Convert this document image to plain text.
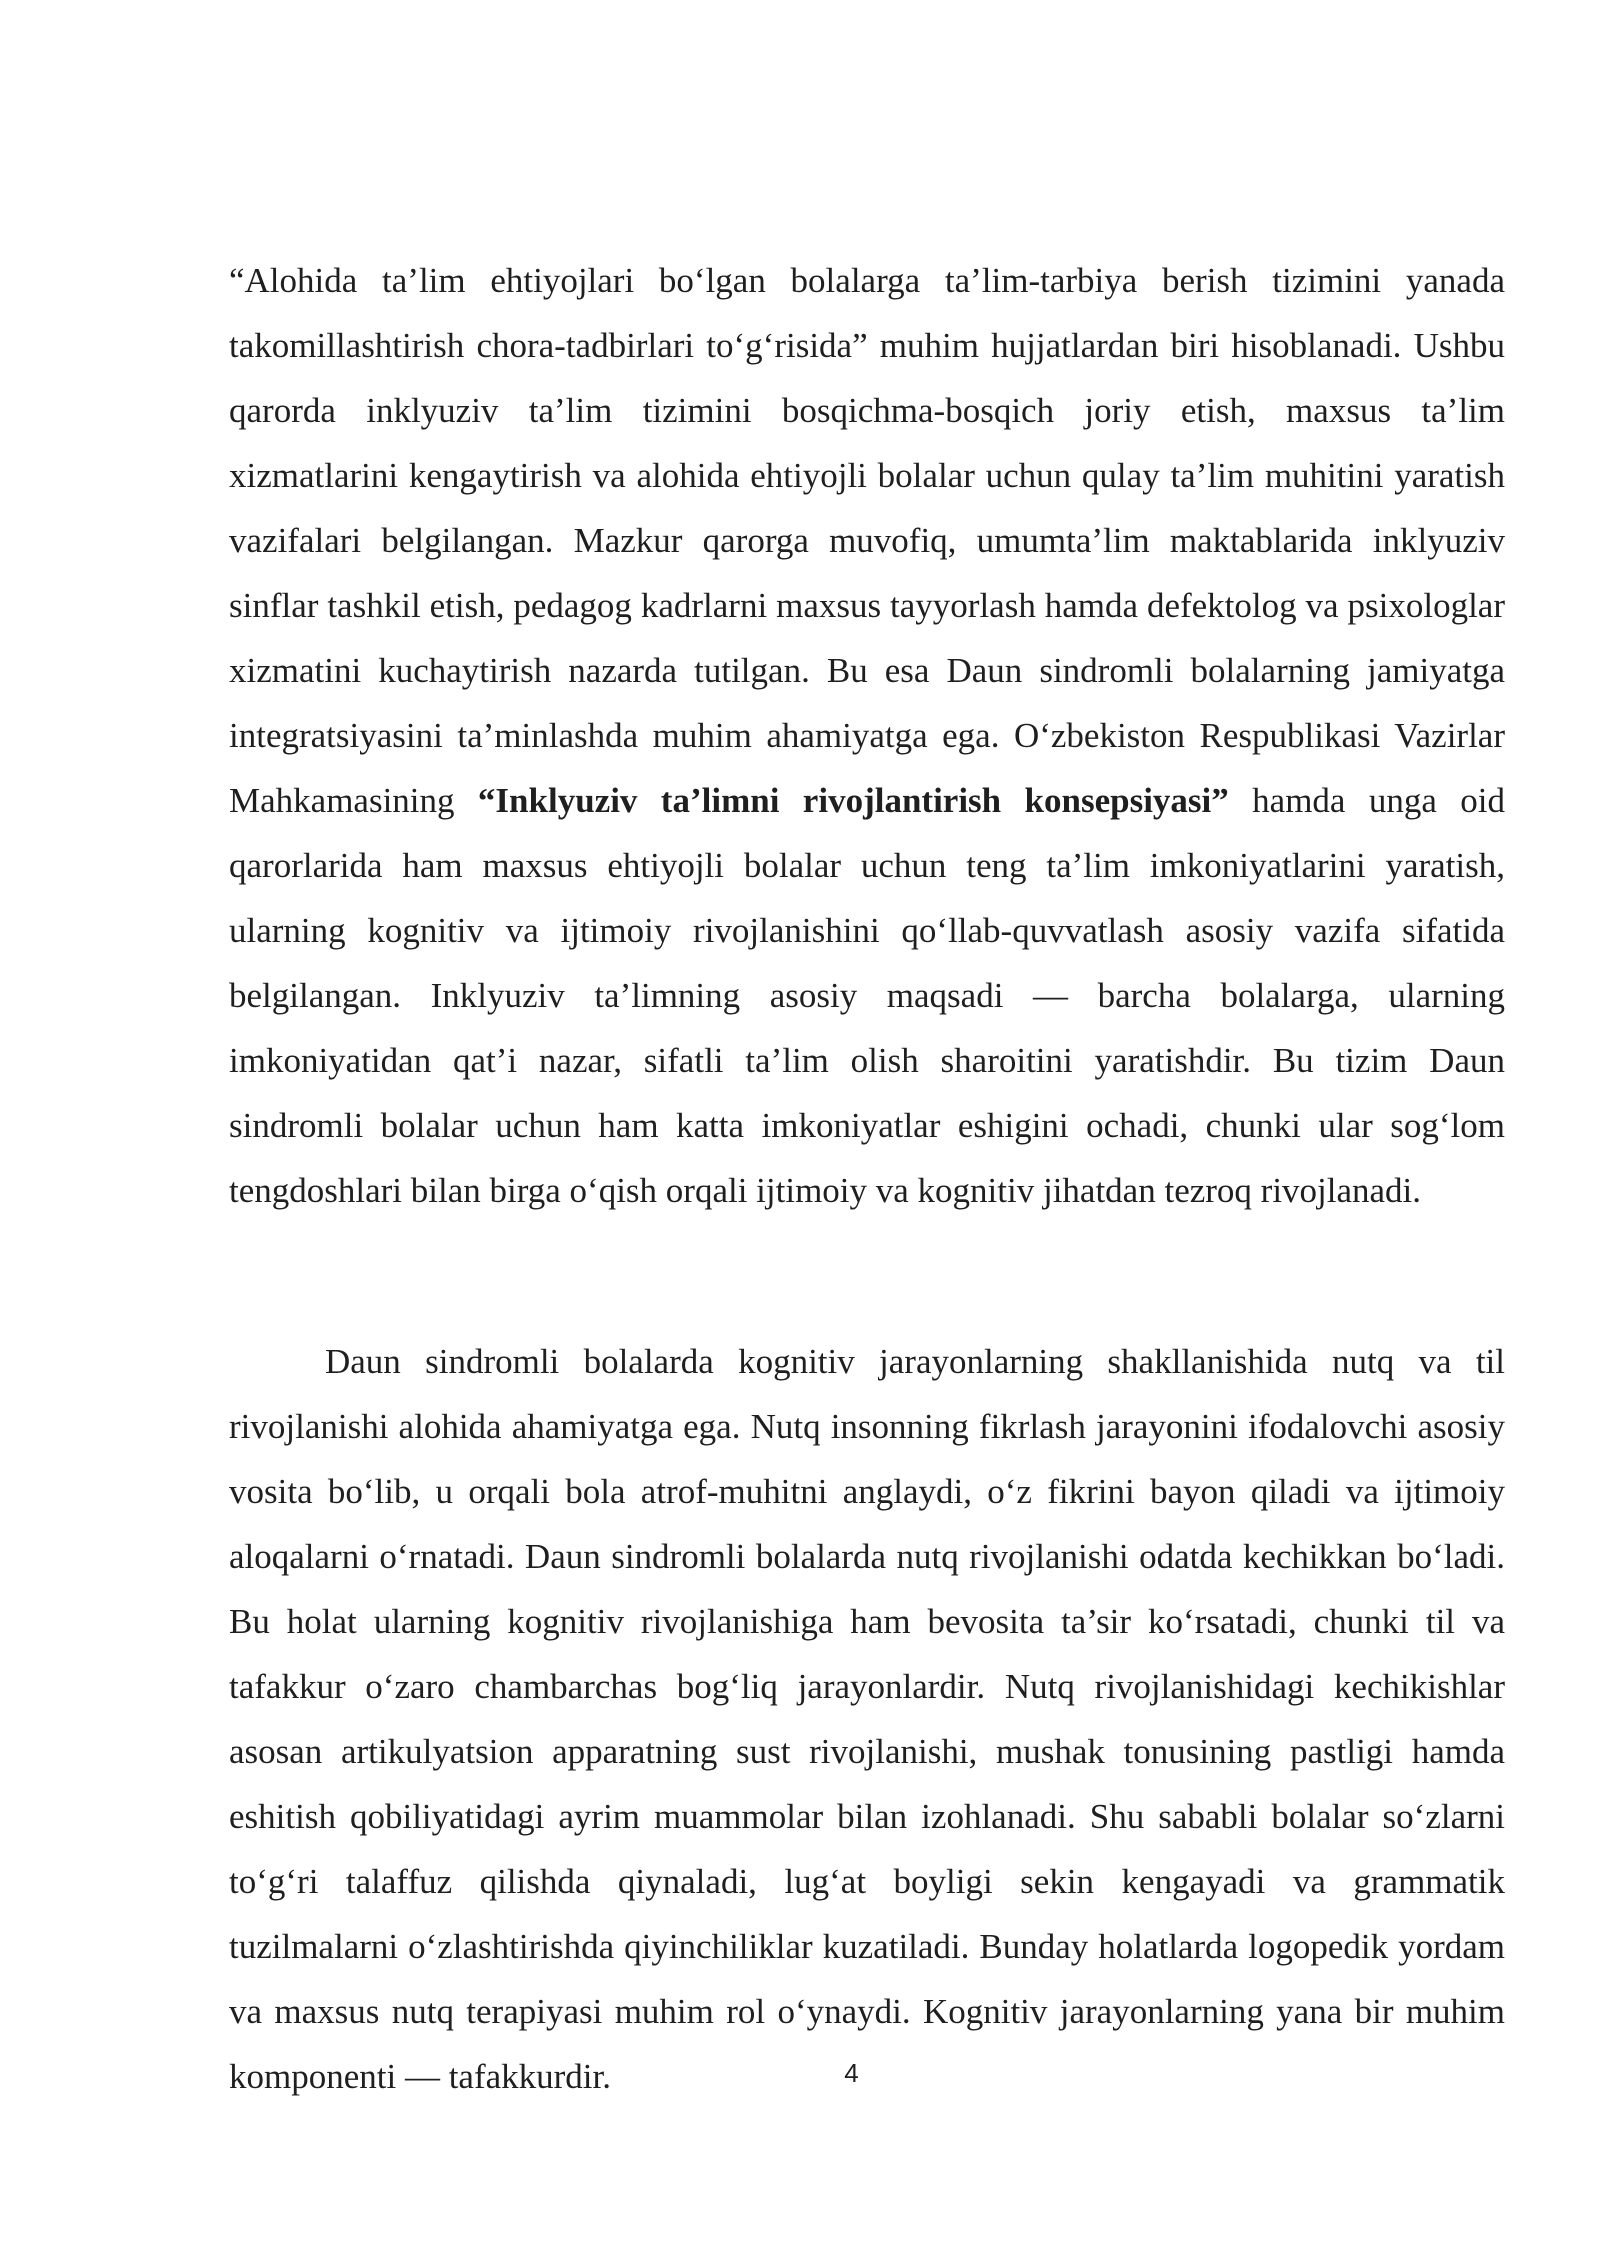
“Alohida ta’lim ehtiyojlari bo‘lgan bolalarga ta’lim-tarbiya berish tizimini yanada takomillashtirish chora-tadbirlari to‘g‘risida” muhim hujjatlardan biri hisoblanadi. Ushbu qarorda inklyuziv ta’lim tizimini bosqichma-bosqich joriy etish, maxsus ta’lim xizmatlarini kengaytirish va alohida ehtiyojli bolalar uchun qulay ta’lim muhitini yaratish vazifalari belgilangan. Mazkur qarorga muvofiq, umumta’lim maktablarida inklyuziv sinflar tashkil etish, pedagog kadrlarni maxsus tayyorlash hamda defektolog va psixologlar xizmatini kuchaytirish nazarda tutilgan. Bu esa Daun sindromli bolalarning jamiyatga integratsiyasini ta’minlashda muhim ahamiyatga ega. O‘zbekiston Respublikasi Vazirlar Mahkamasining “Inklyuziv ta’limni rivojlantirish konsepsiyasi” hamda unga oid qarorlarida ham maxsus ehtiyojli bolalar uchun teng ta’lim imkoniyatlarini yaratish, ularning kognitiv va ijtimoiy rivojlanishini qo‘llab-quvvatlash asosiy vazifa sifatida belgilangan. Inklyuziv ta’limning asosiy maqsadi — barcha bolalarga, ularning imkoniyatidan qat’i nazar, sifatli ta’lim olish sharoitini yaratishdir. Bu tizim Daun sindromli bolalar uchun ham katta imkoniyatlar eshigini ochadi, chunki ular sog‘lom tengdoshlari bilan birga o‘qish orqali ijtimoiy va kognitiv jihatdan tezroq rivojlanadi.

Daun sindromli bolalarda kognitiv jarayonlarning shakllanishida nutq va til rivojlanishi alohida ahamiyatga ega. Nutq insonning fikrlash jarayonini ifodalovchi asosiy vosita bo‘lib, u orqali bola atrof-muhitni anglaydi, o‘z fikrini bayon qiladi va ijtimoiy aloqalarni o‘rnatadi. Daun sindromli bolalarda nutq rivojlanishi odatda kechikkan bo‘ladi. Bu holat ularning kognitiv rivojlanishiga ham bevosita ta’sir ko‘rsatadi, chunki til va tafakkur o‘zaro chambarchas bog‘liq jarayonlardir. Nutq rivojlanishidagi kechikishlar asosan artikulyatsion apparatning sust rivojlanishi, mushak tonusining pastligi hamda eshitish qobiliyatidagi ayrim muammolar bilan izohlanadi. Shu sababli bolalar so‘zlarni to‘g‘ri talaffuz qilishda qiynaladi, lug‘at boyligi sekin kengayadi va grammatik tuzilmalarni o‘zlashtirishda qiyinchiliklar kuzatiladi. Bunday holatlarda logopedik yordam va maxsus nutq terapiyasi muhim rol o‘ynaydi. Kognitiv jarayonlarning yana bir muhim komponenti — tafakkurdir.	4
